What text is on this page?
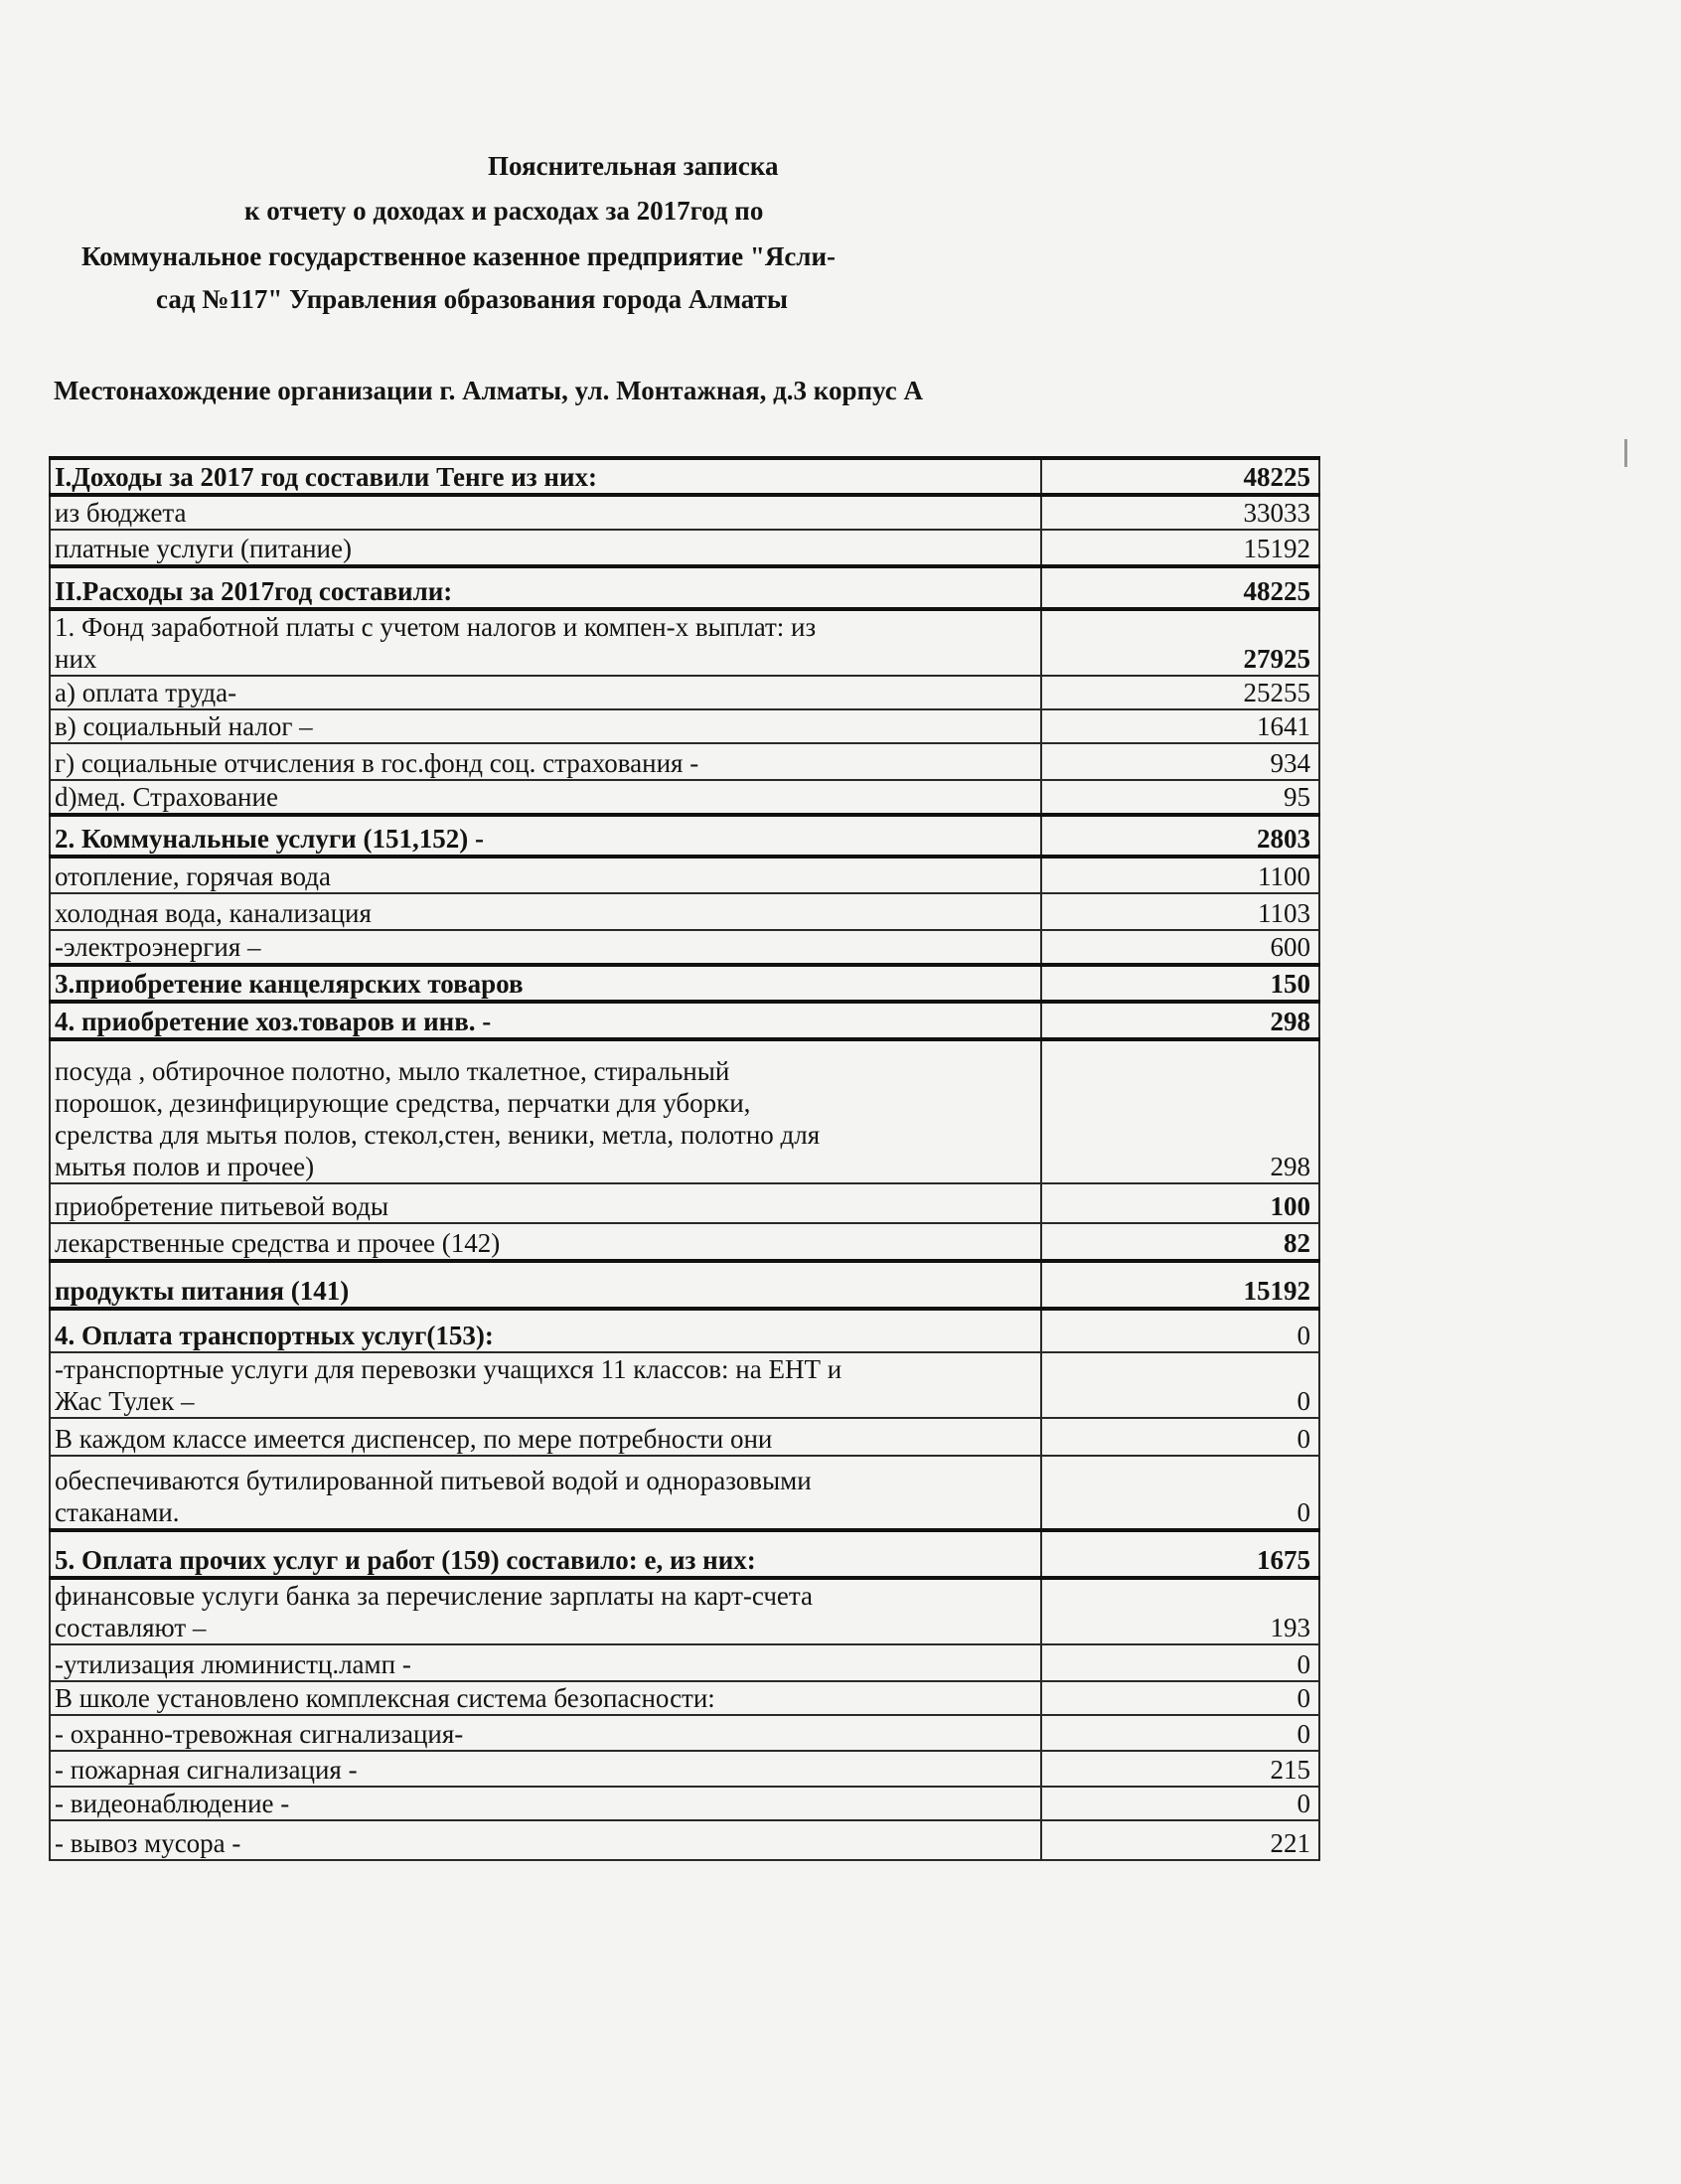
Пояснительная записка
к отчету о доходах и расходах за 2017год по
Коммунальное государственное казенное предприятие "Ясли-
сад №117" Управления образования города Алматы
Местонахождение организации г. Алматы, ул. Монтажная, д.3 корпус А
I.Доходы за 2017 год составили Тенге из них:	48225
из бюджета	33033
платные услуги (питание)	15192
II.Расходы за 2017год составили:	48225
1. Фонд заработной платы с учетом налогов и компен-х выплат: из
них	27925
а) оплата труда-	25255
в) социальный налог –	1641
г) социальные отчисления в гос.фонд соц. страхования -	934
d)мед. Страхование	95
2. Коммунальные услуги (151,152) -	2803
отопление, горячая вода	1100
холодная вода, канализация	1103
-электроэнергия –	600
3.приобретение канцелярских товаров	150
4. приобретение хоз.товаров и инв. -	298
посуда , обтирочное полотно, мыло ткалетное, стиральный
порошок, дезинфицирующие средства, перчатки для уборки,
срелства для мытья полов, стекол,стен, веники, метла, полотно для
мытья полов и прочее)	298
приобретение питьевой воды	100
лекарственные средства и прочее (142)	82
продукты питания (141)	15192
4. Оплата транспортных услуг(153):	0
-транспортные услуги для перевозки учащихся 11 классов: на ЕНТ и
Жас Тулек –	0
В каждом классе имеется диспенсер, по мере потребности они	0
обеспечиваются бутилированной питьевой водой и одноразовыми
стаканами.	0
5. Оплата прочих услуг и работ (159) составило: е, из них:	1675
финансовые услуги банка за перечисление зарплаты на карт-счета
составляют –	193
-утилизация люминистц.ламп -	0
В школе установлено комплексная система безопасности:	0
- охранно-тревожная сигнализация-	0
- пожарная сигнализация -	215
- видеонаблюдение -	0
- вывоз мусора -	221
